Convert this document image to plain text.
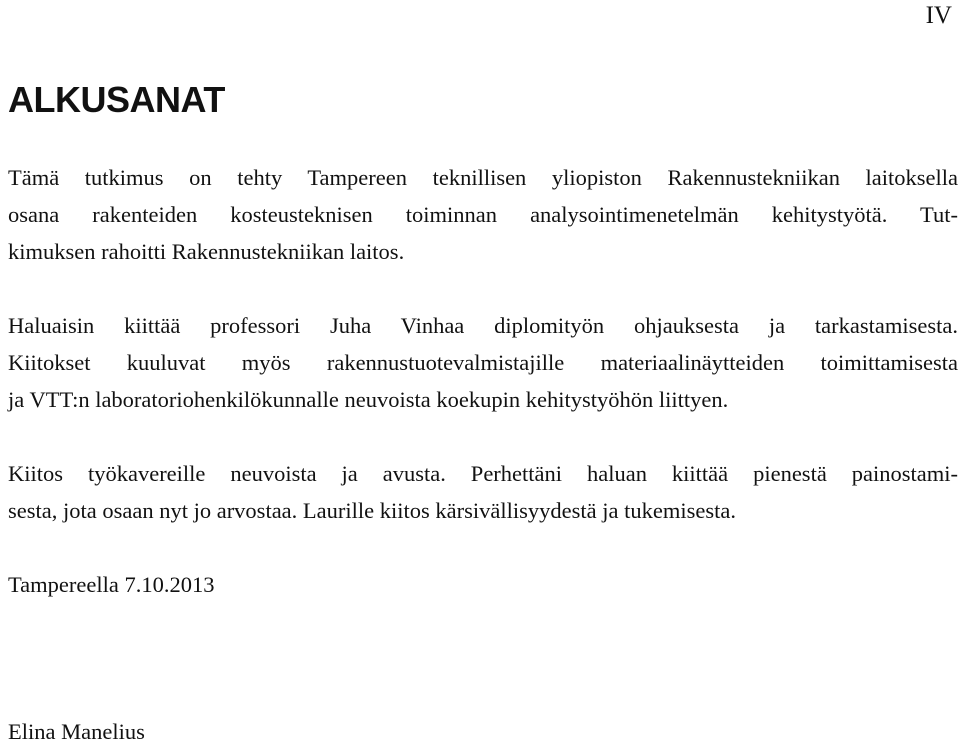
IV
ALKUSANAT

Tämä tutkimus on tehty Tampereen teknillisen yliopiston Rakennustekniikan laitoksella
osana rakenteiden kosteusteknisen toiminnan analysointimenetelmän kehitystyötä. Tut-
kimuksen rahoitti Rakennustekniikan laitos.

Haluaisin kiittää professori Juha Vinhaa diplomityön ohjauksesta ja tarkastamisesta.
Kiitokset kuuluvat myös rakennustuotevalmistajille materiaalinäytteiden toimittamisesta
ja VTT:n laboratoriohenkilökunnalle neuvoista koekupin kehitystyöhön liittyen.

Kiitos työkavereille neuvoista ja avusta. Perhettäni haluan kiittää pienestä painostami-
sesta, jota osaan nyt jo arvostaa. Laurille kiitos kärsivällisyydestä ja tukemisesta.

Tampereella 7.10.2013
Elina Manelius
